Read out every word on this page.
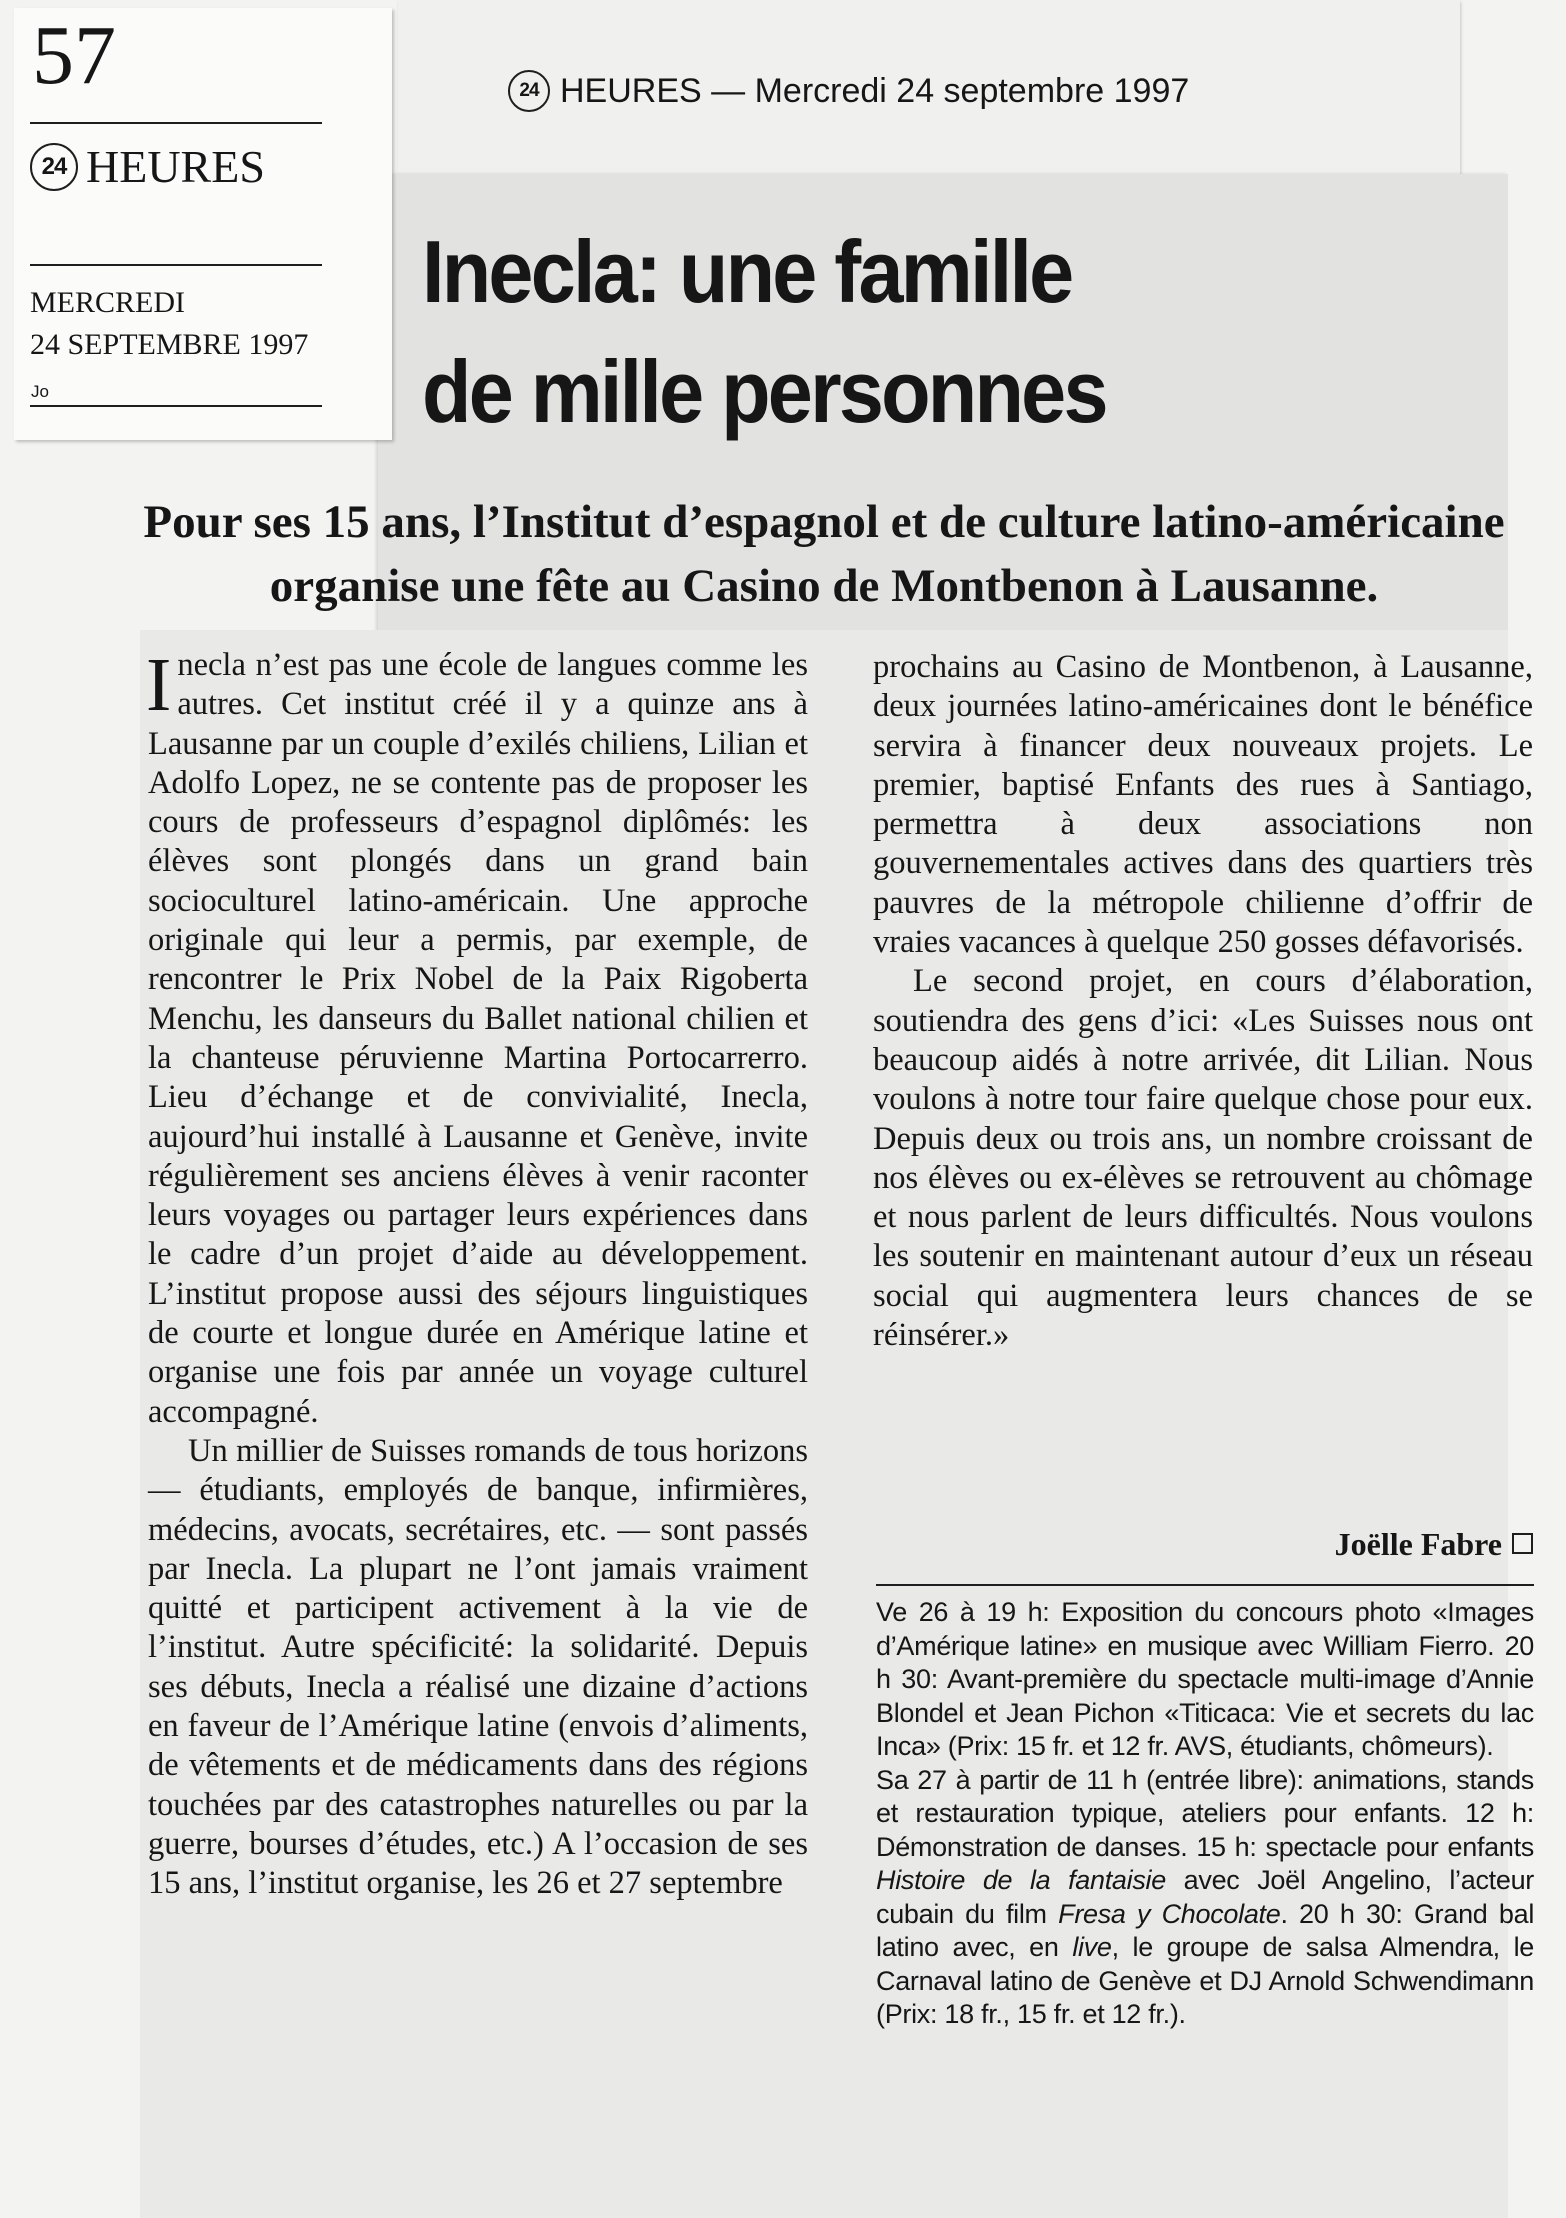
57
24 HEURES
MERCREDI
24 SEPTEMBRE 1997
Jo
24 HEURES — Mercredi 24 septembre 1997
Inecla: une famille
de mille personnes
Pour ses 15 ans, l’Institut d’espagnol et de culture latino-américaine
organise une fête au Casino de Montbenon à Lausanne.

Inecla n’est pas une école de langues comme les autres. Cet institut créé il y a quinze ans à Lausanne par un couple d’exilés chiliens, Lilian et Adolfo Lopez, ne se contente pas de proposer les cours de professeurs d’espagnol diplômés: les élèves sont plongés dans un grand bain socioculturel latino-américain. Une approche originale qui leur a permis, par exemple, de rencontrer le Prix Nobel de la Paix Rigoberta Menchu, les danseurs du Ballet national chilien et la chanteuse péruvienne Martina Portocarrerro. Lieu d’échange et de convivialité, Inecla, aujourd’hui installé à Lausanne et Genève, invite régulièrement ses anciens élèves à venir raconter leurs voyages ou partager leurs expériences dans le cadre d’un projet d’aide au développement. L’institut propose aussi des séjours linguistiques de courte et longue durée en Amérique latine et organise une fois par année un voyage culturel accompagné.

Un millier de Suisses romands de tous horizons — étudiants, employés de banque, infirmières, médecins, avocats, secrétaires, etc. — sont passés par Inecla. La plupart ne l’ont jamais vraiment quitté et participent activement à la vie de l’institut. Autre spécificité: la solidarité. Depuis ses débuts, Inecla a réalisé une dizaine d’actions en faveur de l’Amérique latine (envois d’aliments, de vêtements et de médicaments dans des régions touchées par des catastrophes naturelles ou par la guerre, bourses d’études, etc.) A l’occasion de ses 15 ans, l’institut organise, les 26 et 27 septembre

prochains au Casino de Montbenon, à Lausanne, deux journées latino-américaines dont le bénéfice servira à financer deux nouveaux projets. Le premier, baptisé Enfants des rues à Santiago, permettra à deux associations non gouvernementales actives dans des quartiers très pauvres de la métropole chilienne d’offrir de vraies vacances à quelque 250 gosses défavorisés.

Le second projet, en cours d’élaboration, soutiendra des gens d’ici: «Les Suisses nous ont beaucoup aidés à notre arrivée, dit Lilian. Nous voulons à notre tour faire quelque chose pour eux. Depuis deux ou trois ans, un nombre croissant de nos élèves ou ex-élèves se retrouvent au chômage et nous parlent de leurs difficultés. Nous voulons les soutenir en maintenant autour d’eux un réseau social qui augmentera leurs chances de se réinsérer.»

Joëlle Fabre

Ve 26 à 19 h: Exposition du concours photo «Images d’Amérique latine» en musique avec William Fierro. 20 h 30: Avant-première du spectacle multi-image d’Annie Blondel et Jean Pichon «Titicaca: Vie et secrets du lac Inca» (Prix: 15 fr. et 12 fr. AVS, étudiants, chômeurs).

Sa 27 à partir de 11 h (entrée libre): animations, stands et restauration typique, ateliers pour enfants. 12 h: Démonstration de danses. 15 h: spectacle pour enfants Histoire de la fantaisie avec Joël Angelino, l’acteur cubain du film Fresa y Chocolate. 20 h 30: Grand bal latino avec, en live, le groupe de salsa Almendra, le Carnaval latino de Genève et DJ Arnold Schwendimann (Prix: 18 fr., 15 fr. et 12 fr.).
